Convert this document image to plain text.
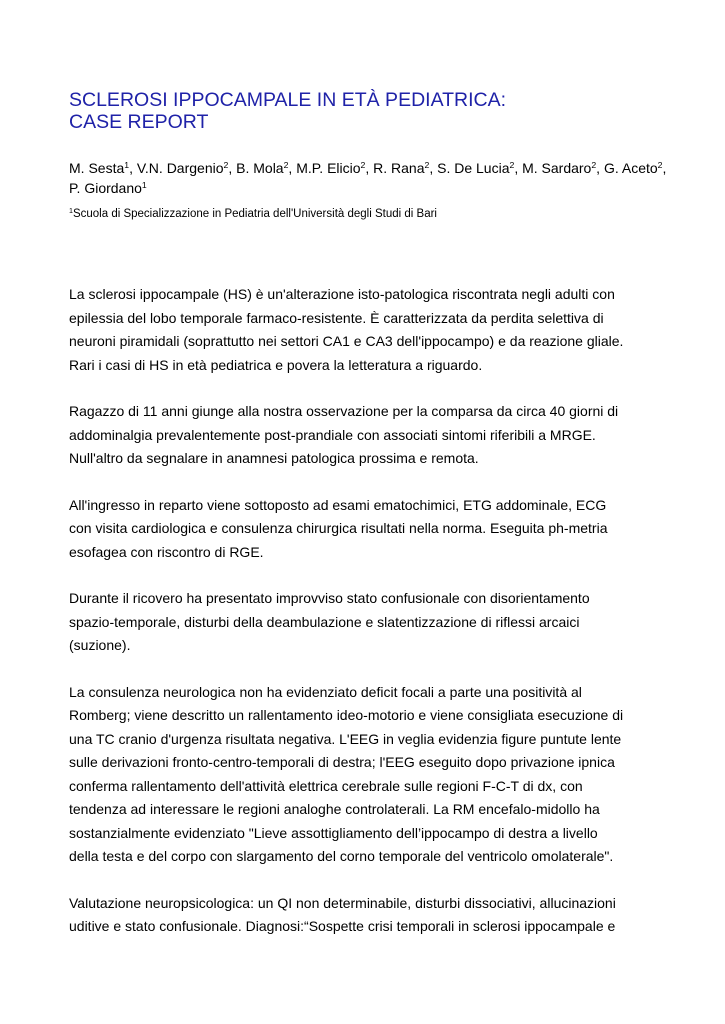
SCLEROSI IPPOCAMPALE IN ETÀ PEDIATRICA:
CASE REPORT

M. Sesta$^1$, V.N. Dargenio$^2$, B. Mola$^2$, M.P. Elicio$^2$, R. Rana$^2$, S. De Lucia$^2$, M. Sardaro$^2$, G. Aceto$^2$, P. Giordano$^1$

$^1$Scuola di Specializzazione in Pediatria dell'Università degli Studi di Bari

La sclerosi ippocampale (HS) è un'alterazione isto-patologica riscontrata negli adulti con
epilessia del lobo temporale farmaco-resistente. È caratterizzata da perdita selettiva di
neuroni piramidali (soprattutto nei settori CA1 e CA3 dell'ippocampo) e da reazione gliale.
Rari i casi di HS in età pediatrica e povera la letteratura a riguardo.

Ragazzo di 11 anni giunge alla nostra osservazione per la comparsa da circa 40 giorni di
addominalgia prevalentemente post-prandiale con associati sintomi riferibili a MRGE.
Null'altro da segnalare in anamnesi patologica prossima e remota.

All'ingresso in reparto viene sottoposto ad esami ematochimici, ETG addominale, ECG
con visita cardiologica e consulenza chirurgica risultati nella norma. Eseguita ph-metria
esofagea con riscontro di RGE.

Durante il ricovero ha presentato improvviso stato confusionale con disorientamento
spazio-temporale, disturbi della deambulazione e slatentizzazione di riflessi arcaici
(suzione).

La consulenza neurologica non ha evidenziato deficit focali a parte una positività al
Romberg; viene descritto un rallentamento ideo-motorio e viene consigliata esecuzione di
una TC cranio d'urgenza risultata negativa. L'EEG in veglia evidenzia figure puntute lente
sulle derivazioni fronto-centro-temporali di destra; l'EEG eseguito dopo privazione ipnica
conferma rallentamento dell'attività elettrica cerebrale sulle regioni F-C-T di dx, con
tendenza ad interessare le regioni analoghe controlaterali. La RM encefalo-midollo ha
sostanzialmente evidenziato "Lieve assottigliamento dell’ippocampo di destra a livello
della testa e del corpo con slargamento del corno temporale del ventricolo omolaterale".

Valutazione neuropsicologica: un QI non determinabile, disturbi dissociativi, allucinazioni
uditive e stato confusionale. Diagnosi:“Sospette crisi temporali in sclerosi ippocampale e
